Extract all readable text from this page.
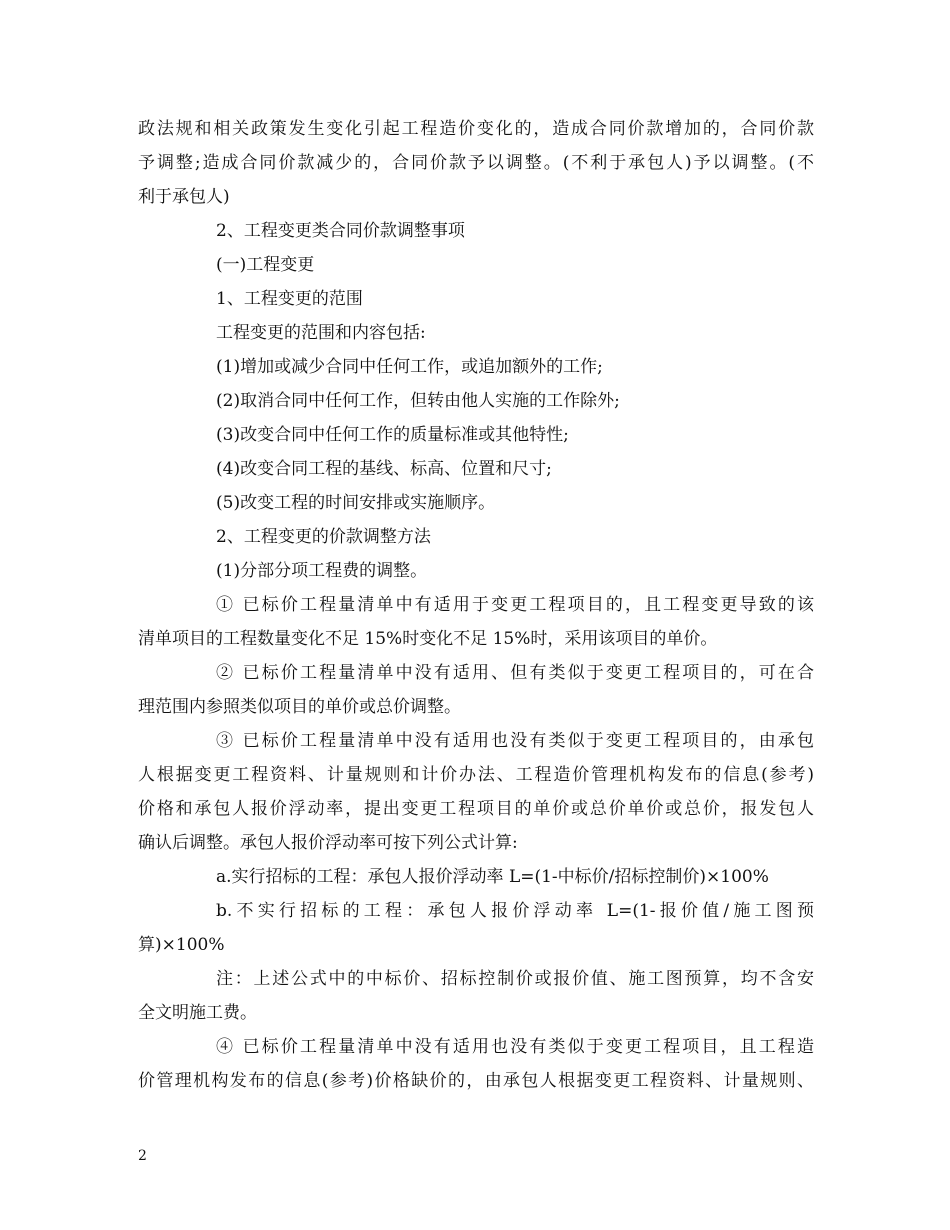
政法规和相关政策发生变化引起工程造价变化的，造成合同价款增加的，合同价款
予调整;造成合同价款减少的，合同价款予以调整。(不利于承包人)予以调整。(不
利于承包人)
2、工程变更类合同价款调整事项
(一)工程变更
1、工程变更的范围
工程变更的范围和内容包括:
(1)增加或减少合同中任何工作，或追加额外的工作;
(2)取消合同中任何工作，但转由他人实施的工作除外;
(3)改变合同中任何工作的质量标准或其他特性;
(4)改变合同工程的基线、标高、位置和尺寸;
(5)改变工程的时间安排或实施顺序。
2、工程变更的价款调整方法
(1)分部分项工程费的调整。
① 已标价工程量清单中有适用于变更工程项目的，且工程变更导致的该
清单项目的工程数量变化不足 15%时变化不足 15%时，采用该项目的单价。
② 已标价工程量清单中没有适用、但有类似于变更工程项目的，可在合
理范围内参照类似项目的单价或总价调整。
③ 已标价工程量清单中没有适用也没有类似于变更工程项目的，由承包
人根据变更工程资料、计量规则和计价办法、工程造价管理机构发布的信息(参考)
价格和承包人报价浮动率，提出变更工程项目的单价或总价单价或总价，报发包人
确认后调整。承包人报价浮动率可按下列公式计算:
a.实行招标的工程：承包人报价浮动率 L=(1-中标价/招标控制价)×100%
b.不实行招标的工程：承包人报价浮动率 L=(1-报价值/施工图预
算)×100%
注：上述公式中的中标价、招标控制价或报价值、施工图预算，均不含安
全文明施工费。
④ 已标价工程量清单中没有适用也没有类似于变更工程项目，且工程造
价管理机构发布的信息(参考)价格缺价的，由承包人根据变更工程资料、计量规则、
2
